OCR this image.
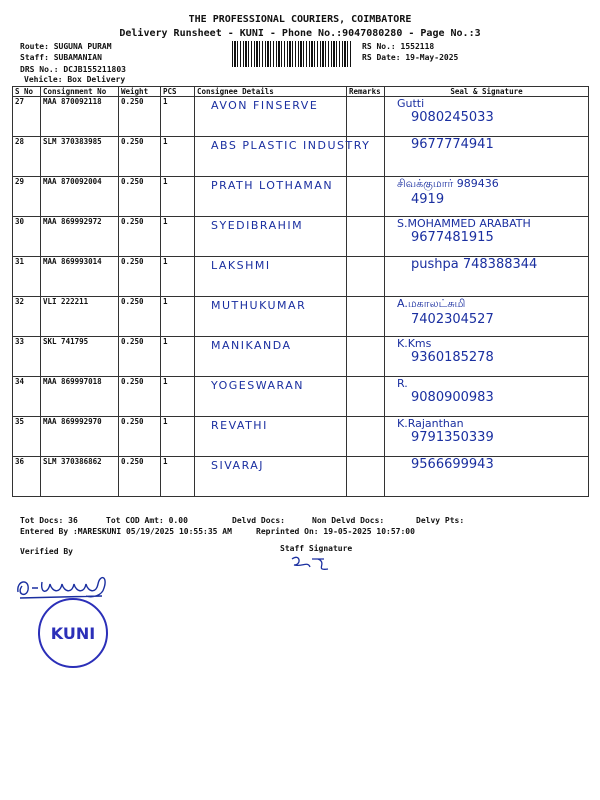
THE PROFESSIONAL COURIERS, COIMBATORE
Delivery Runsheet - KUNI - Phone No.:9047080280 - Page No.:3
Route: SUGUNA PURAM
Staff: SUBAMANIAN
DRS No.: DCJB155211803
Vehicle: Box Delivery
RS No.: 1552118
RS Date: 19-May-2025
S No	Consignment No	Weight	PCS	Consignee Details	Remarks	Seal & Signature
27	MAA 870092118	0.250	1	AVON FINSERVE		Gutti
9080245033

28	SLM 370383985	0.250	1	ABS PLASTIC INDUSTRY		9677774941

29	MAA 870092004	0.250	1	PRATH LOTHAMAN		சிவக்குமார் 989436
4919

30	MAA 869992972	0.250	1	SYEDIBRAHIM		S.MOHAMMED ARABATH
9677481915

31	MAA 869993014	0.250	1	LAKSHMI		pushpa 748388344

32	VLI 222211	0.250	1	MUTHUKUMAR		A.மகாலட்சுமி
7402304527

33	SKL 741795	0.250	1	MANIKANDA		K.Kms
9360185278

34	MAA 869997018	0.250	1	YOGESWARAN		R.
9080900983

35	MAA 869992970	0.250	1	REVATHI		K.Rajanthan
9791350339

36	SLM 370386862	0.250	1	SIVARAJ		9566699943
Tot Docs: 36	Tot COD Amt: 0.00	Delvd Docs:	Non Delvd Docs:	Delvy Pts:
Entered By :MARESKUNI 05/19/2025 10:55:35 AM	Reprinted On: 19-05-2025 10:57:00
Verified By	Staff Signature
KUNI
